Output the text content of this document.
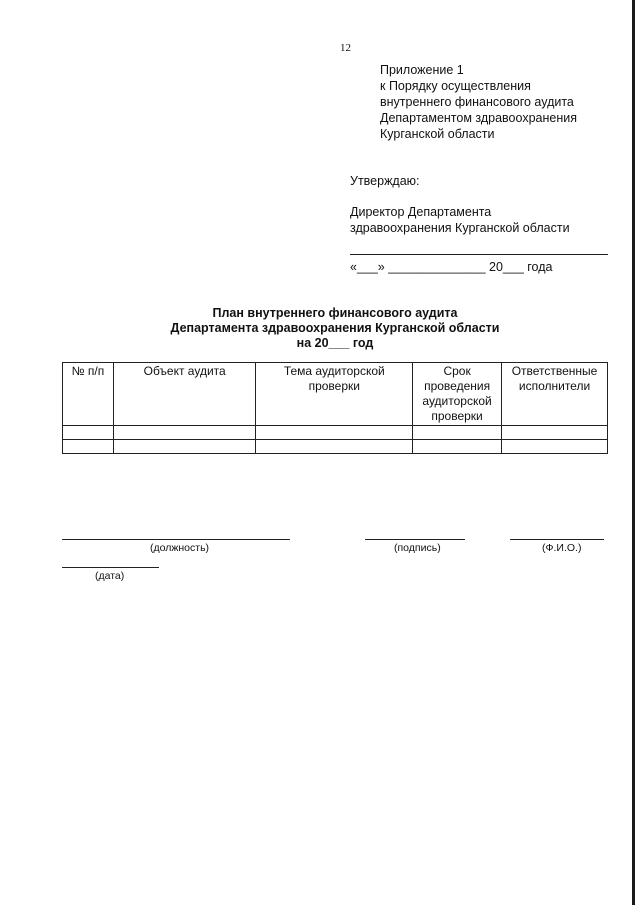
12
Приложение 1
к Порядку осуществления
внутреннего финансового аудита
Департаментом здравоохранения
Курганской области
Утверждаю:
Директор Департамента
здравоохранения Курганской области
«___» ______________ 20___ года
План внутреннего финансового аудита
Департамента здравоохранения Курганской области
на 20___ год
№ п/п	Объект аудита	Тема аудиторской проверки	Срок проведения аудиторской проверки	Ответственные исполнители

(должность)	(подпись)	(Ф.И.О.)
(дата)
